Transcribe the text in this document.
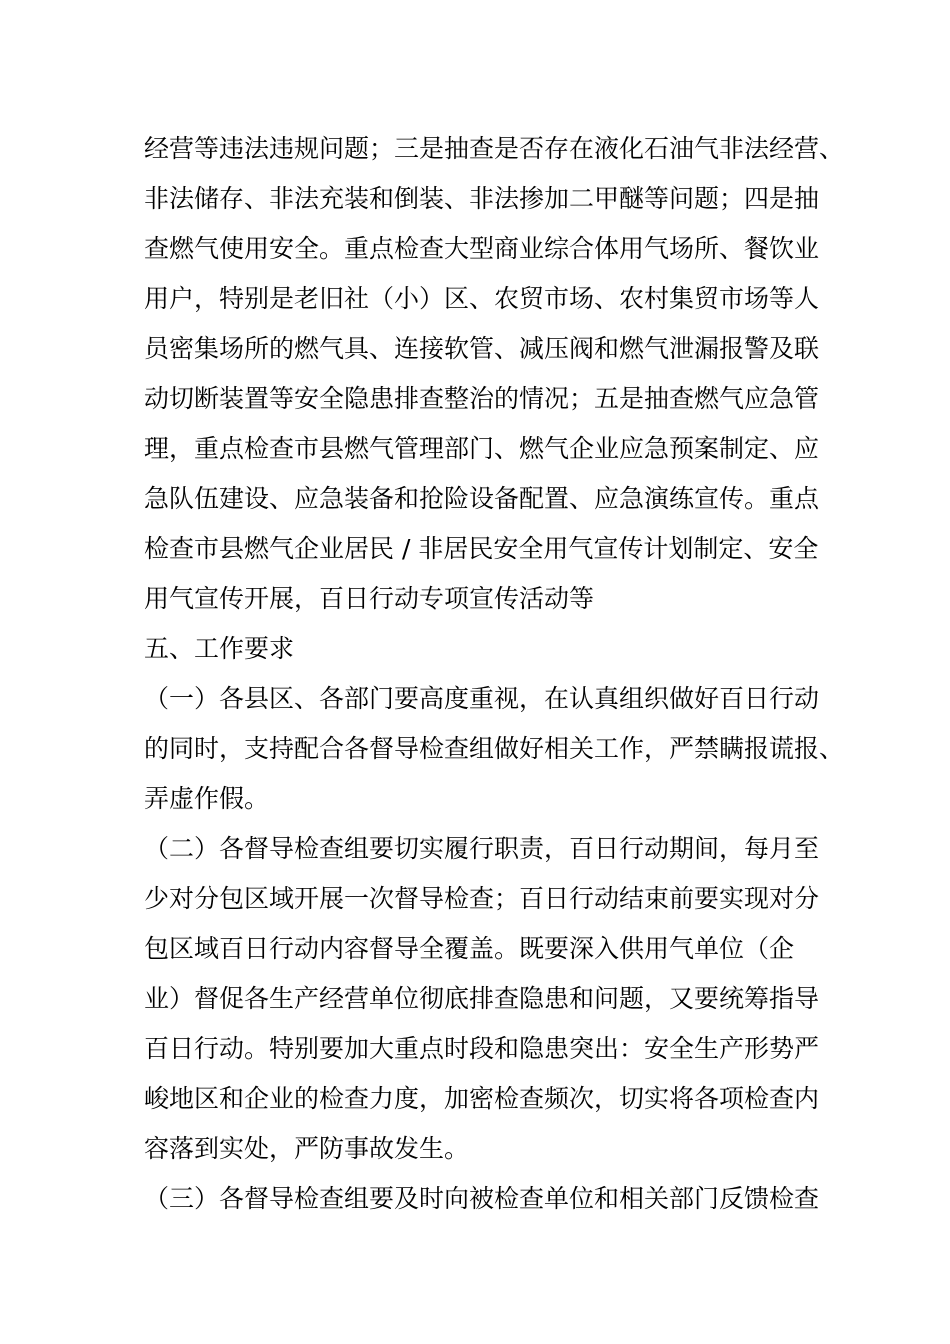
经营等违法违规问题；三是抽查是否存在液化石油气非法经营、
非法储存、非法充装和倒装、非法掺加二甲醚等问题；四是抽
查燃气使用安全。重点检查大型商业综合体用气场所、餐饮业
用户，特别是老旧社（小）区、农贸市场、农村集贸市场等人
员密集场所的燃气具、连接软管、减压阀和燃气泄漏报警及联
动切断装置等安全隐患排查整治的情况；五是抽查燃气应急管
理，重点检查市县燃气管理部门、燃气企业应急预案制定、应
急队伍建设、应急装备和抢险设备配置、应急演练宣传。重点
检查市县燃气企业居民 / 非居民安全用气宣传计划制定、安全
用气宣传开展，百日行动专项宣传活动等
五、工作要求
（一）各县区、各部门要高度重视，在认真组织做好百日行动
的同时，支持配合各督导检查组做好相关工作，严禁瞒报谎报、
弄虚作假。
（二）各督导检查组要切实履行职责，百日行动期间，每月至
少对分包区域开展一次督导检查；百日行动结束前要实现对分
包区域百日行动内容督导全覆盖。既要深入供用气单位（企
业）督促各生产经营单位彻底排查隐患和问题，又要统筹指导
百日行动。特别要加大重点时段和隐患突出：安全生产形势严
峻地区和企业的检查力度，加密检查频次，切实将各项检查内
容落到实处，严防事故发生。
（三）各督导检查组要及时向被检查单位和相关部门反馈检查
